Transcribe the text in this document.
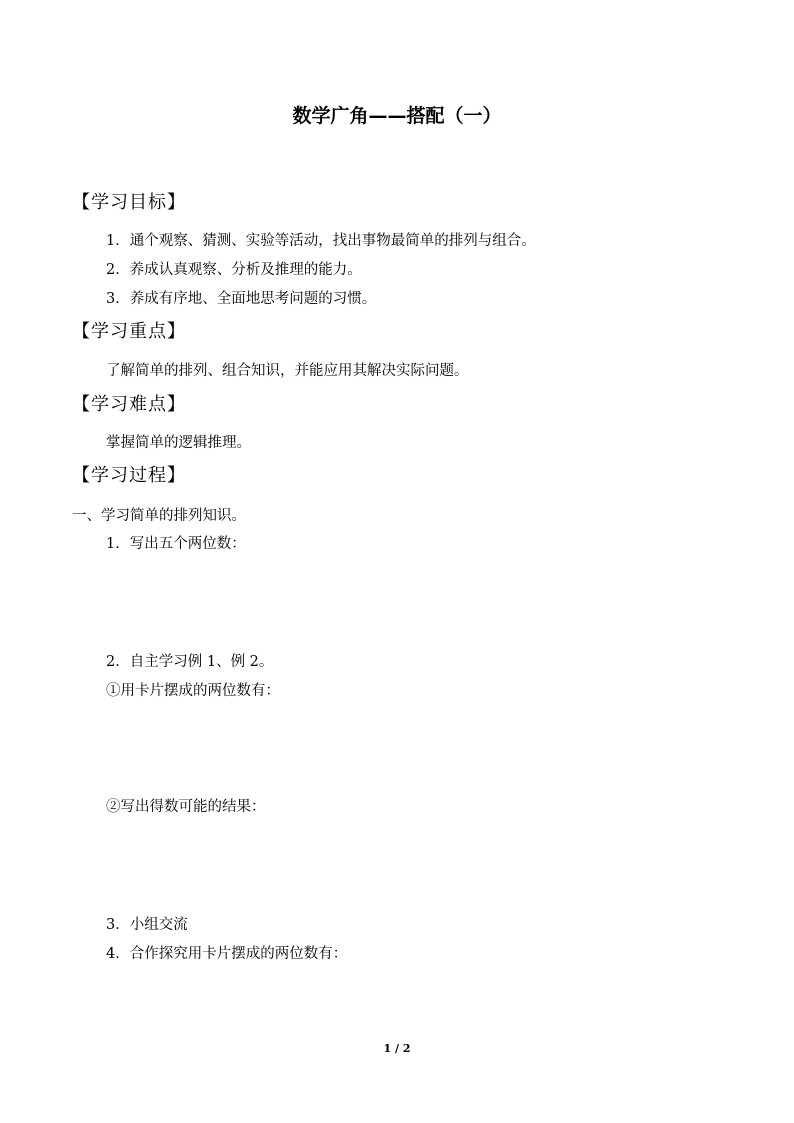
数学广角——搭配（一）
【学习目标】
1．通个观察、猜测、实验等活动，找出事物最简单的排列与组合。
2．养成认真观察、分析及推理的能力。
3．养成有序地、全面地思考问题的习惯。
【学习重点】
了解简单的排列、组合知识，并能应用其解决实际问题。
【学习难点】
掌握简单的逻辑推理。
【学习过程】
一、学习简单的排列知识。
1．写出五个两位数：
2．自主学习例 1、例 2。
①用卡片摆成的两位数有：
②写出得数可能的结果：
3．小组交流
4．合作探究用卡片摆成的两位数有：
1 / 2
